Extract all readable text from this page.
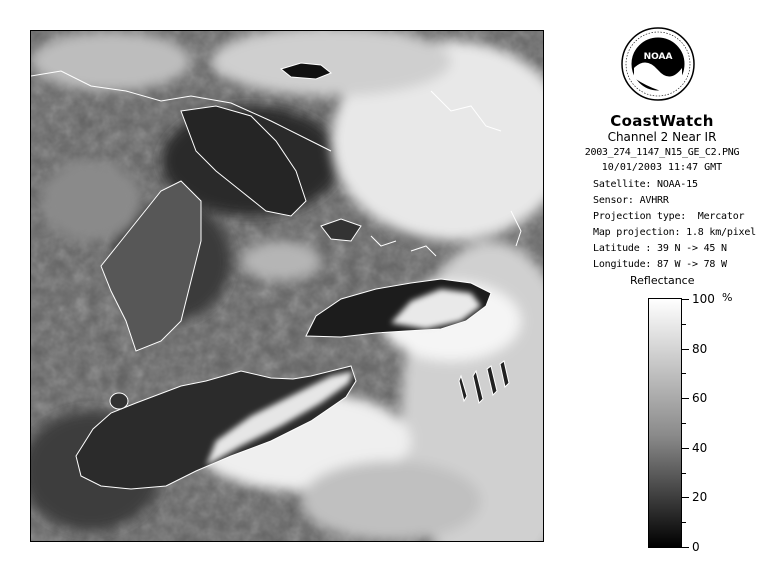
NOAA
CoastWatch
Channel 2 Near IR
2003_274_1147_N15_GE_C2.PNG
10/01/2003 11:47 GMT
Satellite: NOAA-15
Sensor: AVHRR
Projection type:  Mercator
Map projection: 1.8 km/pixel
Latitude : 39 N -> 45 N
Longitude: 87 W -> 78 W
Reflectance
%
100
80
60
40
20
0
